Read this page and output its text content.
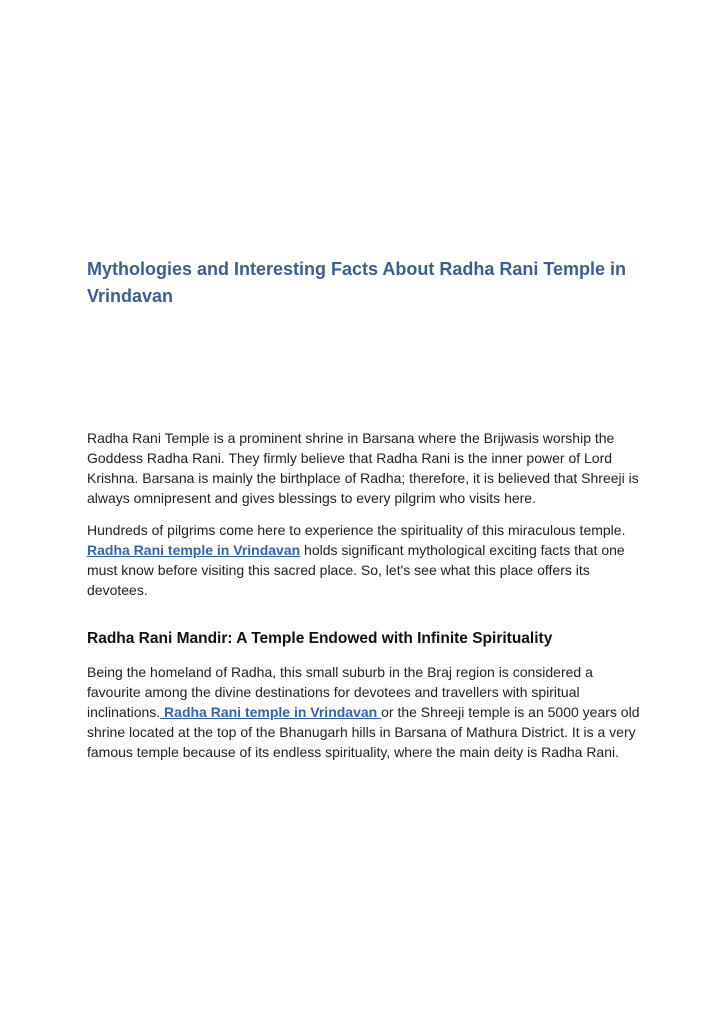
Mythologies and Interesting Facts About Radha Rani Temple in Vrindavan

Radha Rani Temple is a prominent shrine in Barsana where the Brijwasis worship the Goddess Radha Rani. They firmly believe that Radha Rani is the inner power of Lord Krishna. Barsana is mainly the birthplace of Radha; therefore, it is believed that Shreeji is always omnipresent and gives blessings to every pilgrim who visits here.

Hundreds of pilgrims come here to experience the spirituality of this miraculous temple. Radha Rani temple in Vrindavan holds significant mythological exciting facts that one must know before visiting this sacred place. So, let's see what this place offers its devotees.

Radha Rani Mandir: A Temple Endowed with Infinite Spirituality

Being the homeland of Radha, this small suburb in the Braj region is considered a favourite among the divine destinations for devotees and travellers with spiritual inclinations. Radha Rani temple in Vrindavan or the Shreeji temple is an 5000 years old shrine located at the top of the Bhanugarh hills in Barsana of Mathura District. It is a very famous temple because of its endless spirituality, where the main deity is Radha Rani.
